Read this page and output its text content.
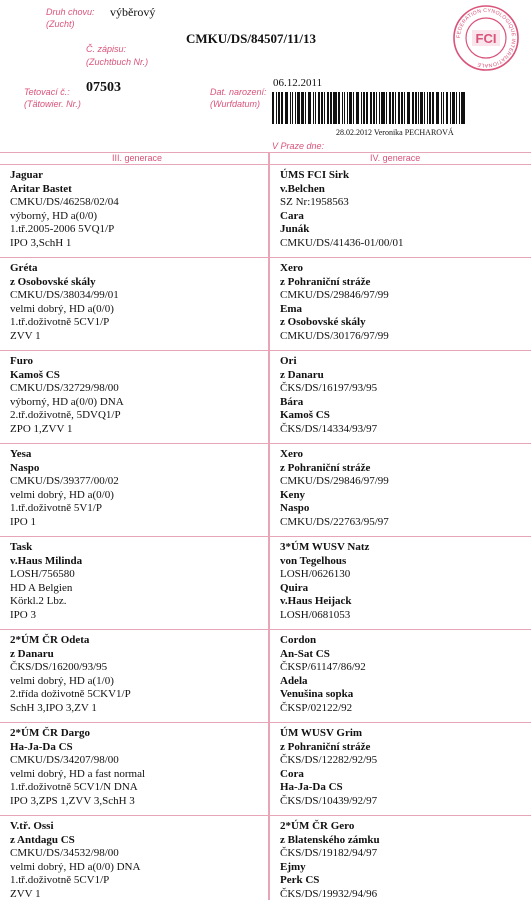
Druh chovu:
(Zucht)
výběrový
Č. zápisu:
(Zuchtbuch Nr.)
CMKU/DS/84507/11/13
Tetovací č.:
(Tätowier. Nr.)
07503	Dat. narození:
(Wurfdatum)
06.12.2011
28.02.2012 Veronika PECHAROVÁ
V Praze dne:
FEDERATION CYNOLOGIQUE INTERNATIONALE
FCI
III. generace	IV. generace
Jaguar
Aritar Bastet
CMKU/DS/46258/02/04
výborný, HD a(0/0)
1.tř.2005-2006 5VQ1/P
IPO 3,SchH 1
ÚMS FCI Sirk
v.Belchen
SZ Nr:1958563
Cara
Junák
CMKU/DS/41436-01/00/01
Gréta
z Osobovské skály
CMKU/DS/38034/99/01
velmi dobrý, HD a(0/0)
1.tř.doživotně 5CV1/P
ZVV 1
Xero
z Pohraniční stráže
CMKU/DS/29846/97/99
Ema
z Osobovské skály
CMKU/DS/30176/97/99
Furo
Kamoš CS
CMKU/DS/32729/98/00
výborný, HD a(0/0) DNA
2.tř.doživotně, 5DVQ1/P
ZPO 1,ZVV 1
Ori
z Danaru
ČKS/DS/16197/93/95
Bára
Kamoš CS
ČKS/DS/14334/93/97
Yesa
Naspo
CMKU/DS/39377/00/02
velmi dobrý, HD a(0/0)
1.tř.doživotně 5V1/P
IPO 1
Xero
z Pohraniční stráže
CMKU/DS/29846/97/99
Keny
Naspo
CMKU/DS/22763/95/97
Task
v.Haus Milinda
LOSH/756580
HD A Belgien
Körkl.2 Lbz.
IPO 3
3*ÚM WUSV Natz
von Tegelhous
LOSH/0626130
Quira
v.Haus Heijack
LOSH/0681053
2*ÚM ČR Odeta
z Danaru
ČKS/DS/16200/93/95
velmi dobrý, HD a(1/0)
2.třída doživotně 5CKV1/P
SchH 3,IPO 3,ZV 1
Cordon
An-Sat CS
ČKSP/61147/86/92
Adela
Venušina sopka
ČKSP/02122/92
2*ÚM ČR Dargo
Ha-Ja-Da CS
CMKU/DS/34207/98/00
velmi dobrý, HD a fast normal
1.tř.doživotně 5CV1/N DNA
IPO 3,ZPS 1,ZVV 3,SchH 3
ÚM WUSV Grim
z Pohraniční stráže
ČKS/DS/12282/92/95
Cora
Ha-Ja-Da CS
ČKS/DS/10439/92/97
V.tř. Ossi
z Antdagu CS
CMKU/DS/34532/98/00
velmi dobrý, HD a(0/0) DNA
1.tř.doživotně 5CV1/P
ZVV 1
2*ÚM ČR Gero
z Blatenského zámku
ČKS/DS/19182/94/97
Ejmy
Perk CS
ČKS/DS/19932/94/96
